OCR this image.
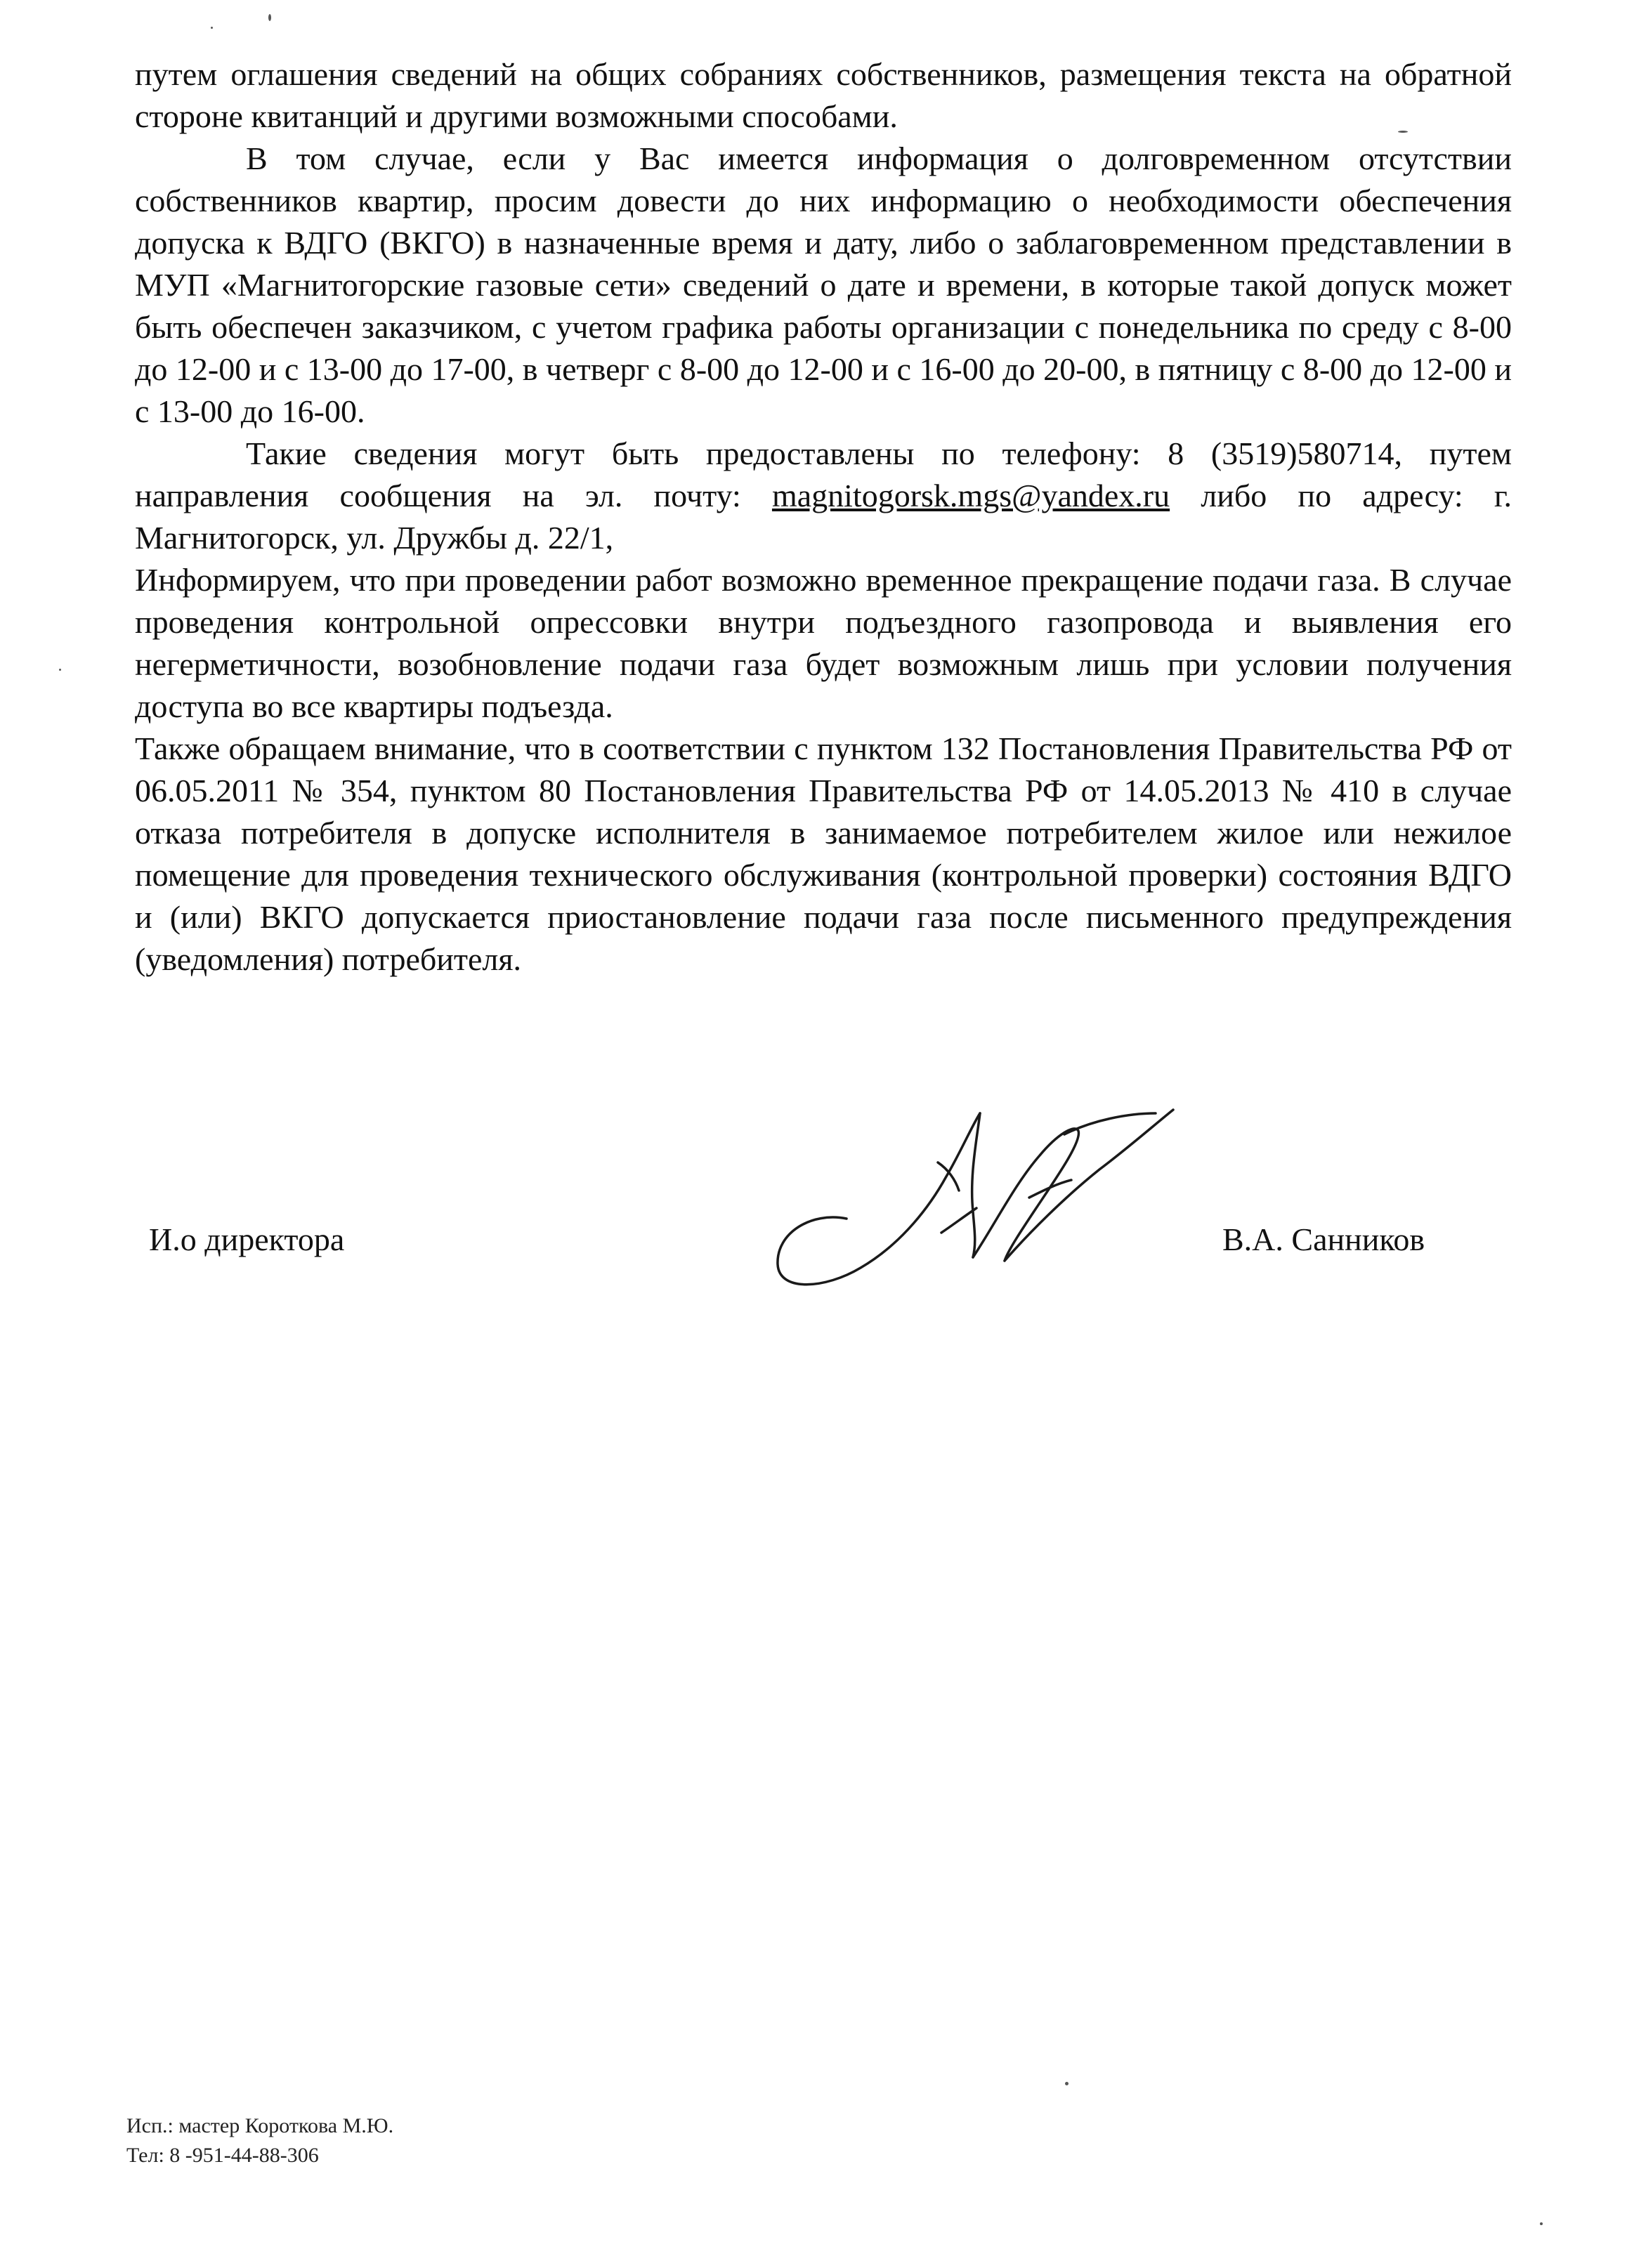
путем оглашения сведений на общих собраниях собственников, размещения текста на обратной стороне квитанций и другими возможными способами.

В том случае, если у Вас имеется информация о долговременном отсутствии собственников квартир, просим довести до них информацию о необходимости обеспечения допуска к ВДГО (ВКГО) в назначенные время и дату, либо о заблаговременном представлении в МУП «Магнитогорские газовые сети» сведений о дате и времени, в которые такой допуск может быть обеспечен заказчиком, с учетом графика работы организации с понедельника по среду с 8-00 до 12-00 и с 13-00 до 17-00, в четверг с 8-00 до 12-00 и с 16-00 до 20-00, в пятницу с 8-00 до 12-00 и с 13-00 до 16-00.

Такие сведения могут быть предоставлены по телефону: 8 (3519)580714, путем направления сообщения на эл. почту: magnitogorsk.mgs@yandex.ru либо по адресу: г. Магнитогорск, ул. Дружбы д. 22/1,

Информируем, что при проведении работ возможно временное прекращение подачи газа. В случае проведения контрольной опрессовки внутри подъездного газопровода и выявления его негерметичности, возобновление подачи газа будет возможным лишь при условии получения доступа во все квартиры подъезда.

Также обращаем внимание, что в соответствии с пунктом 132 Постановления Правительства РФ от 06.05.2011 № 354, пунктом 80 Постановления Правительства РФ от 14.05.2013 № 410 в случае отказа потребителя в допуске исполнителя в занимаемое потребителем жилое или нежилое помещение для проведения технического обслуживания (контрольной проверки) состояния ВДГО и (или) ВКГО допускается приостановление подачи газа после письменного предупреждения (уведомления) потребителя.

И.о директора	В.А. Санников
Исп.: мастер Короткова М.Ю.
Тел: 8 -951-44-88-306
